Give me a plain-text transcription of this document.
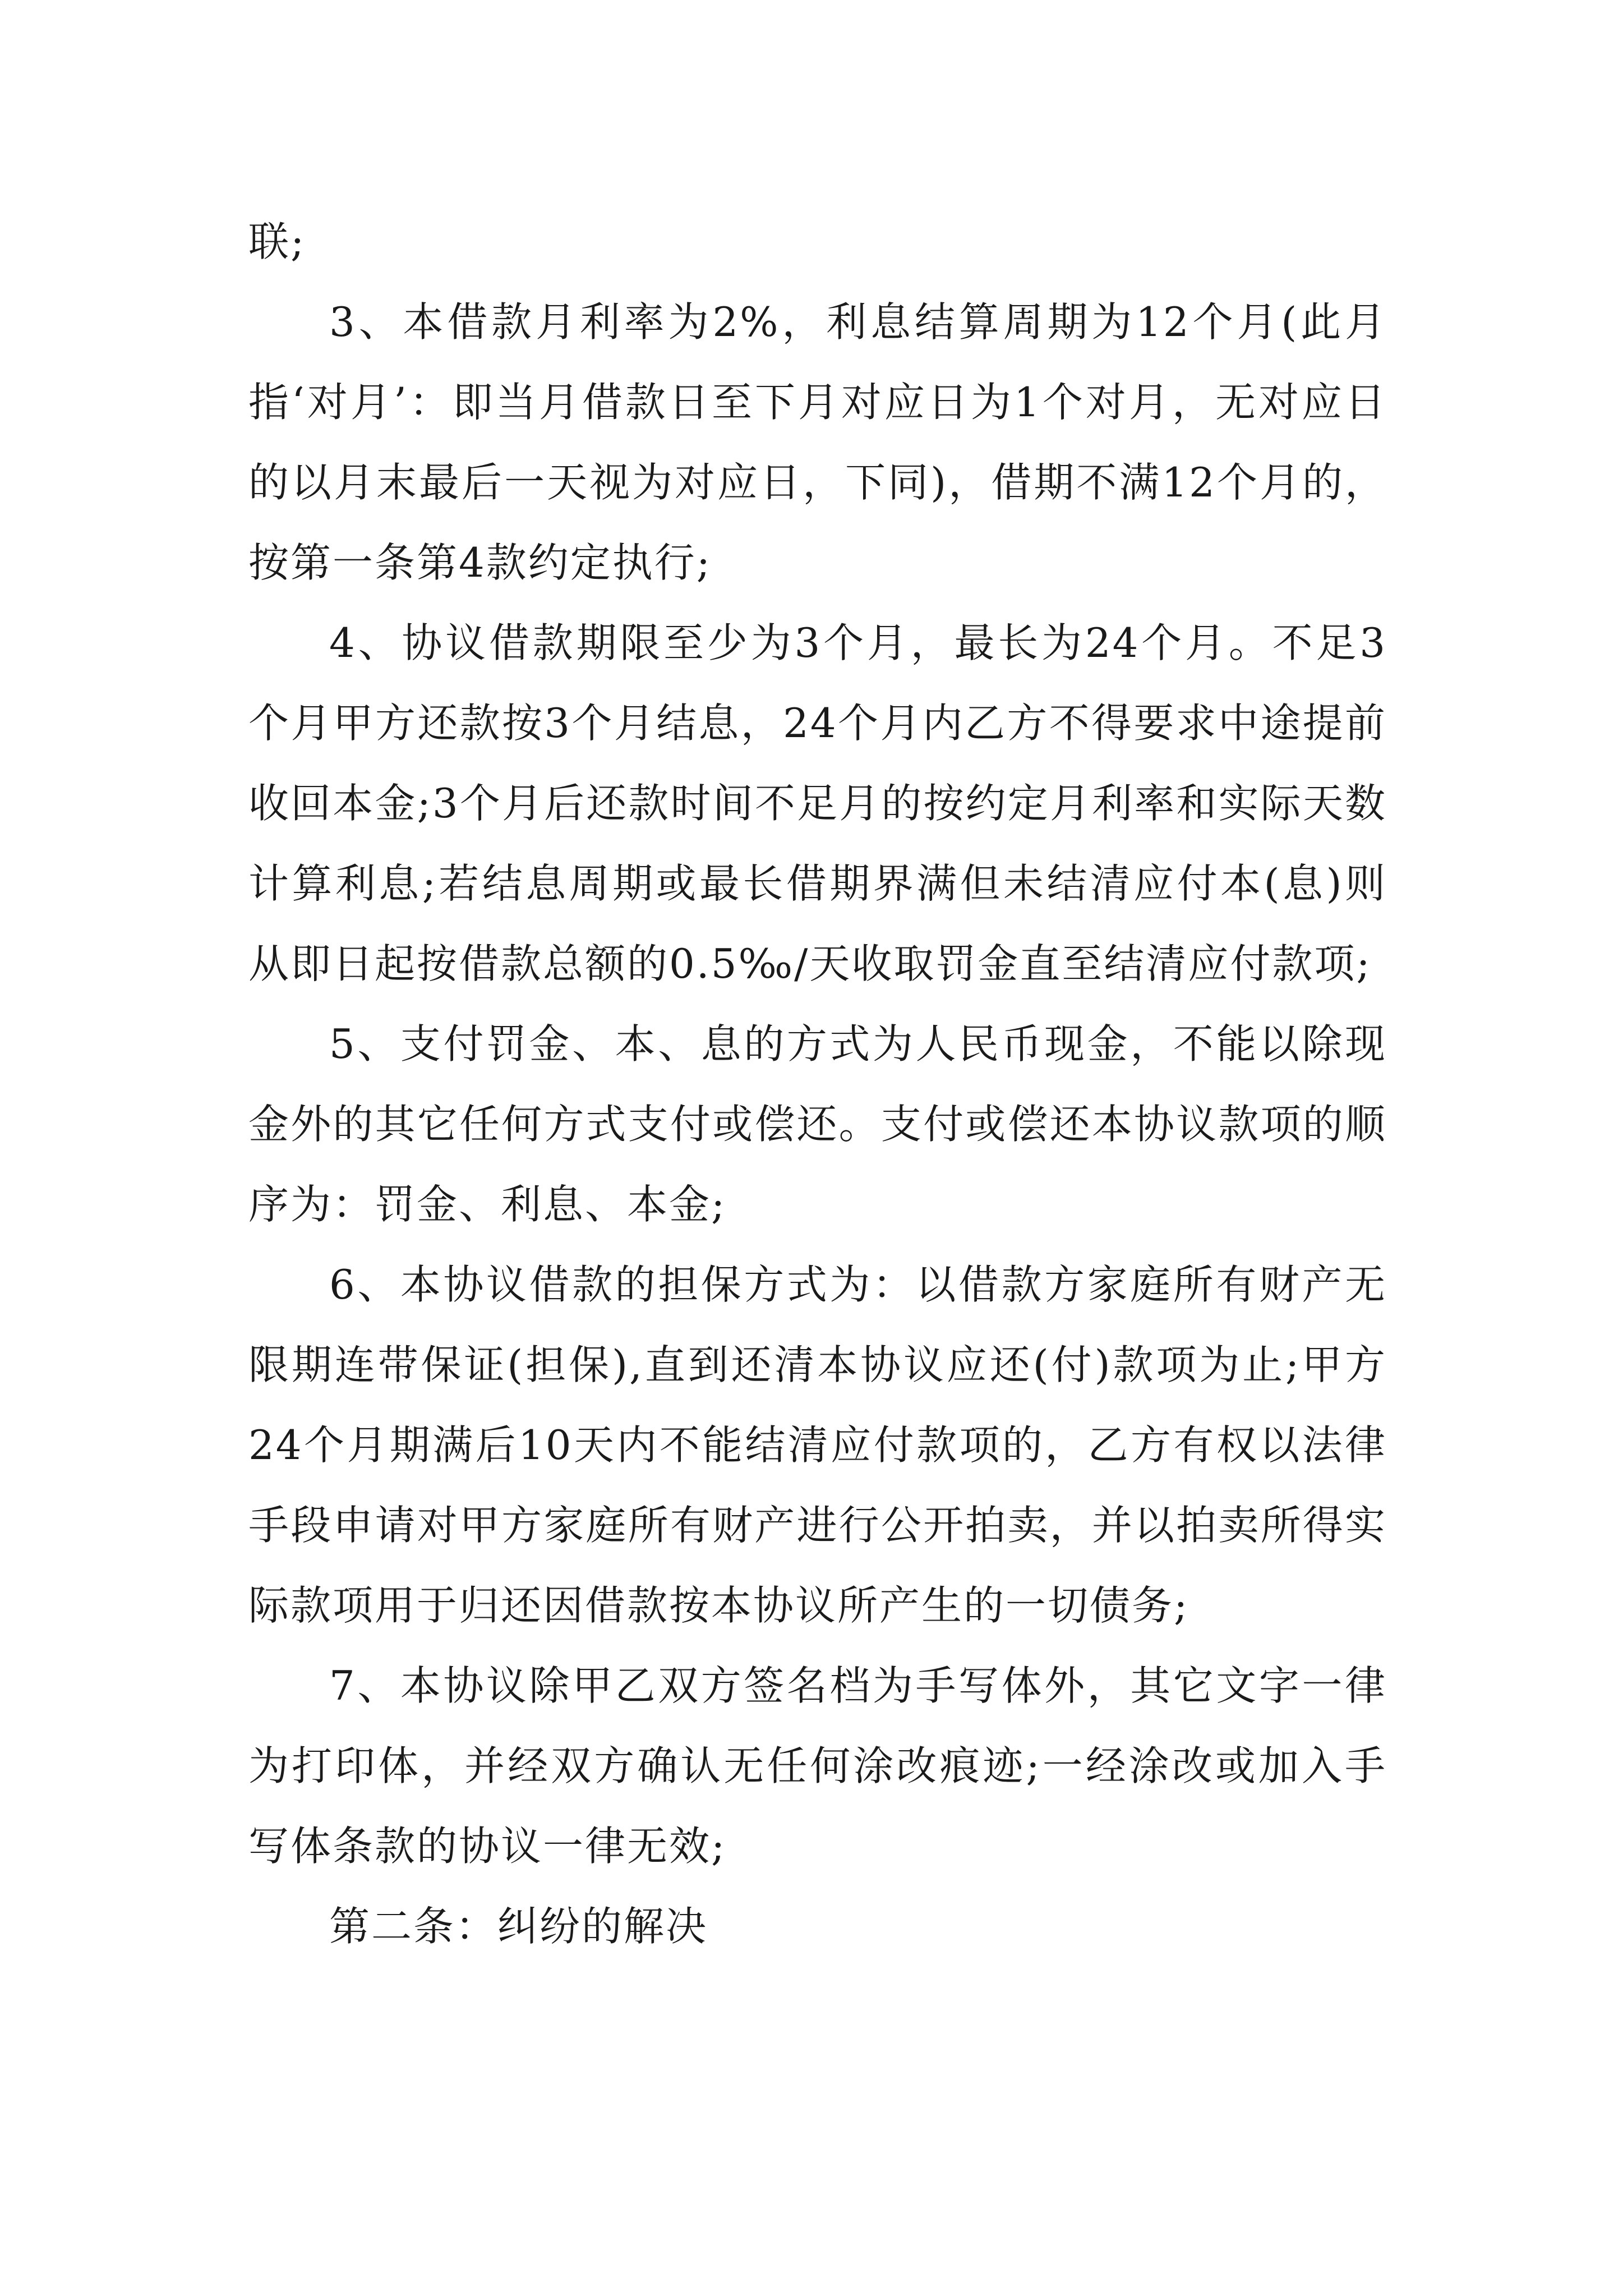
联;

3、本借款月利率为2%，利息结算周期为12个月(此月指‘对月’：即当月借款日至下月对应日为1个对月，无对应日的以月末最后一天视为对应日，下同)，借期不满12个月的，按第一条第4款约定执行;

4、协议借款期限至少为3个月，最长为24个月。不足3个月甲方还款按3个月结息，24个月内乙方不得要求中途提前收回本金;3个月后还款时间不足月的按约定月利率和实际天数计算利息;若结息周期或最长借期界满但未结清应付本(息)则从即日起按借款总额的0.5‰/天收取罚金直至结清应付款项;

5、支付罚金、本、息的方式为人民币现金，不能以除现金外的其它任何方式支付或偿还。支付或偿还本协议款项的顺序为：罚金、利息、本金;

6、本协议借款的担保方式为：以借款方家庭所有财产无限期连带保证(担保),直到还清本协议应还(付)款项为止;甲方24个月期满后10天内不能结清应付款项的，乙方有权以法律手段申请对甲方家庭所有财产进行公开拍卖，并以拍卖所得实际款项用于归还因借款按本协议所产生的一切债务;

7、本协议除甲乙双方签名档为手写体外，其它文字一律为打印体，并经双方确认无任何涂改痕迹;一经涂改或加入手写体条款的协议一律无效;

第二条：纠纷的解决
